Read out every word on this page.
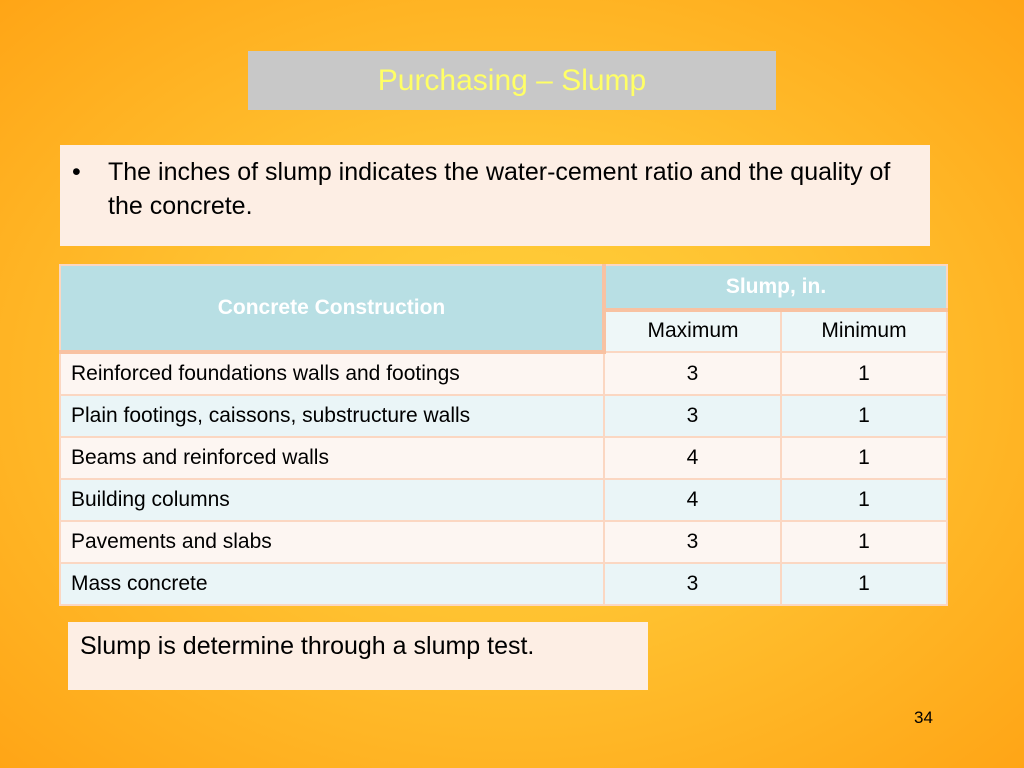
Purchasing – Slump
•	The inches of slump indicates the water-cement ratio and the quality of the concrete.
Concrete Construction	Slump, in.	
	Maximum	Minimum
Reinforced foundations walls and footings	3	1
Plain footings, caissons, substructure walls	3	1
Beams and reinforced walls	4	1
Building columns	4	1
Pavements and slabs	3	1
Mass concrete	3	1
Slump is determine through a slump test.
34
